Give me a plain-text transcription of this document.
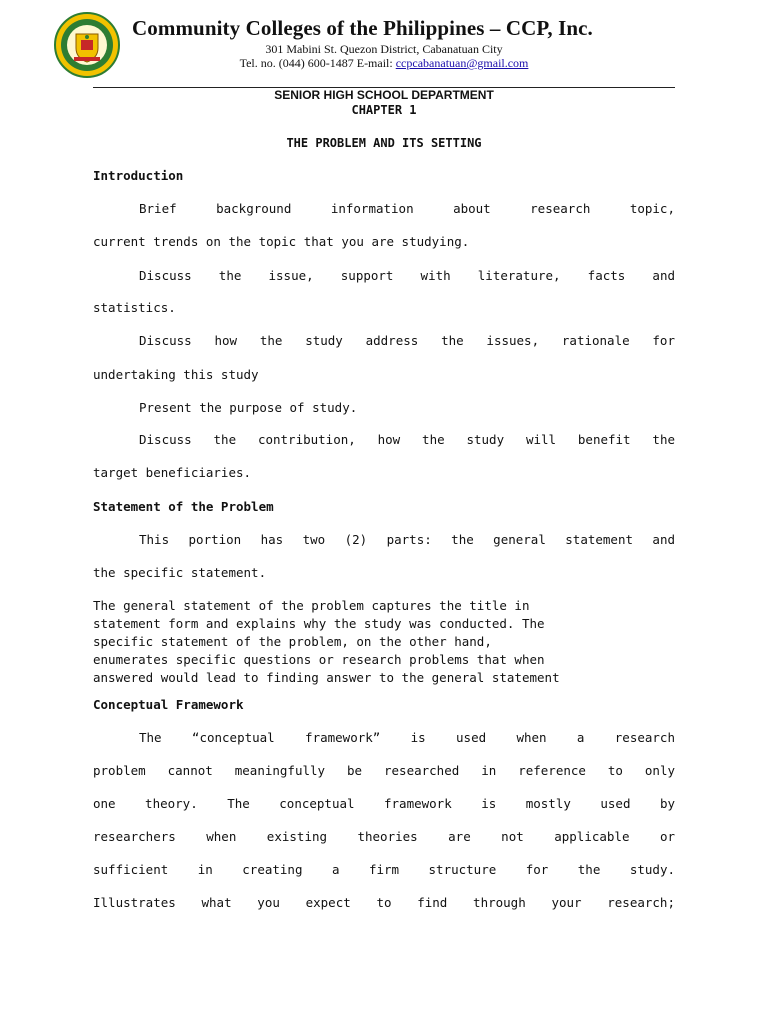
Community Colleges of the Philippines – CCP, Inc.
301 Mabini St. Quezon District, Cabanatuan City
Tel. no. (044) 600-1487 E-mail: ccpcabanatuan@gmail.com
SENIOR HIGH SCHOOL DEPARTMENT
CHAPTER 1
THE PROBLEM AND ITS SETTING
Introduction
Brief background information about research topic,
current trends on the topic that you are studying.
Discuss the issue, support with literature, facts and
statistics.
Discuss how the study address the issues, rationale for
undertaking this study
Present the purpose of study.
Discuss the contribution, how the study will benefit the
target beneficiaries.
Statement of the Problem
This portion has two (2) parts: the general statement and
the specific statement.
The general statement of the problem captures the title in
statement form and explains why the study was conducted. The
specific statement of the problem, on the other hand,
enumerates specific questions or research problems that when
answered would lead to finding answer to the general statement
Conceptual Framework
The “conceptual framework” is used when a research
problem cannot meaningfully be researched in reference to only
one theory. The conceptual framework is mostly used by
researchers when existing theories are not applicable or
sufficient in creating a firm structure for the study.
Illustrates what you expect to find through your research;
